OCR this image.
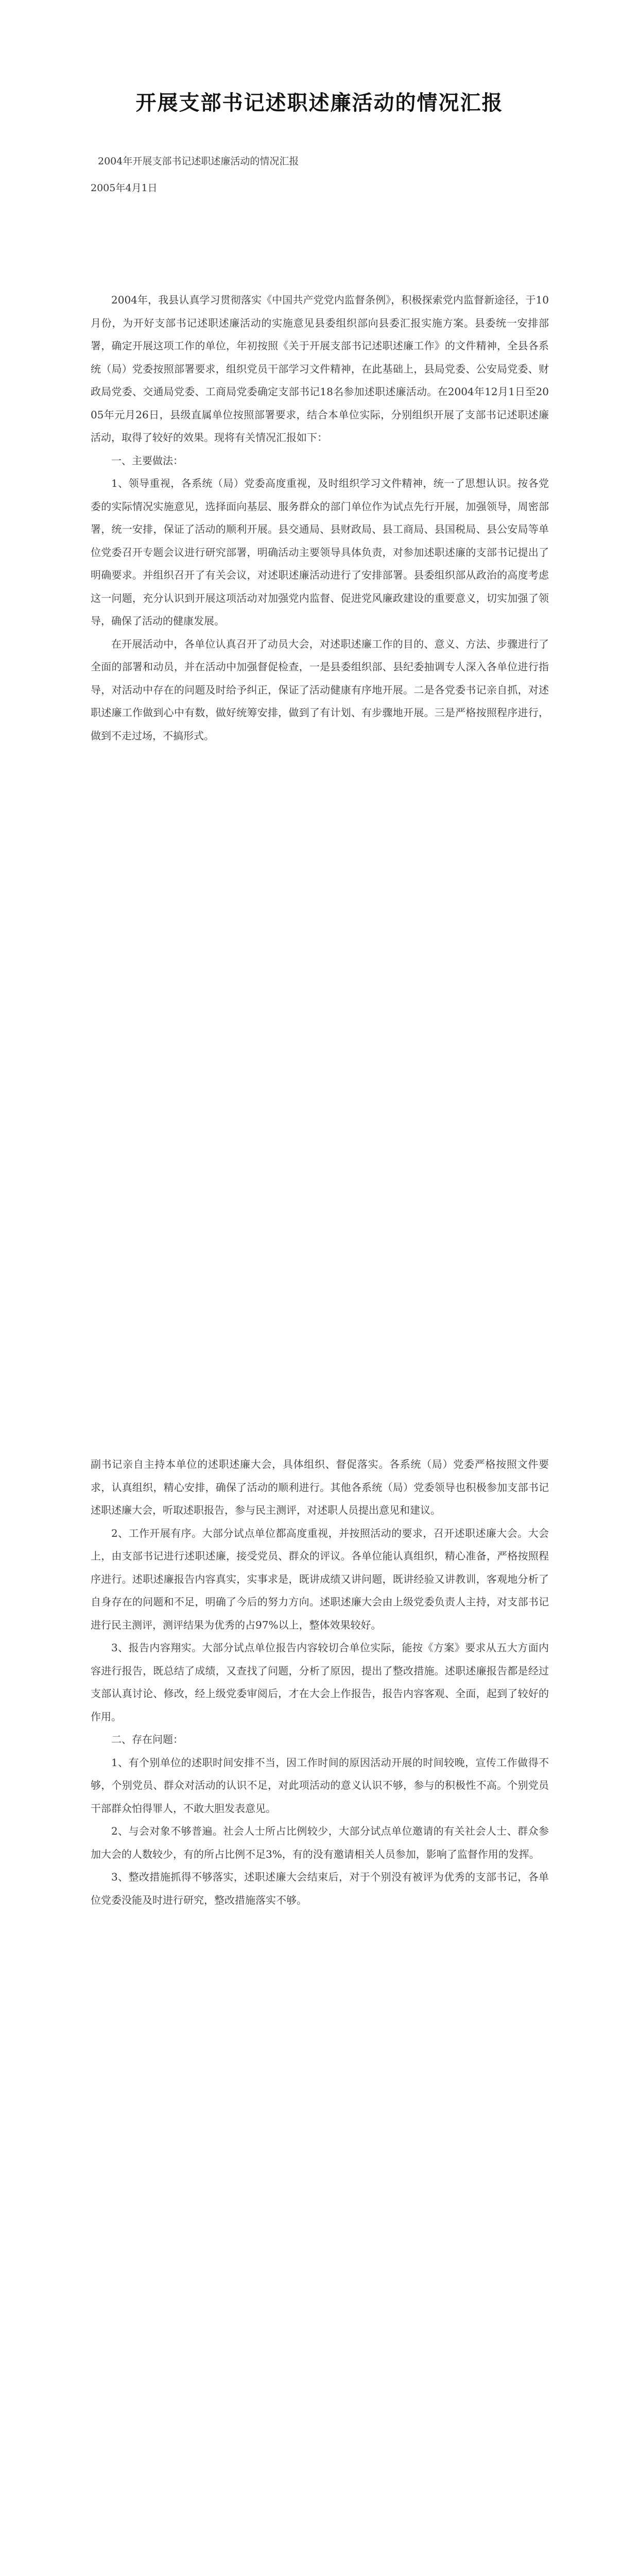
开展支部书记述职述廉活动的情况汇报
2004年开展支部书记述职述廉活动的情况汇报
2005年4月1日

2004年，我县认真学习贯彻落实《中国共产党党内监督条例》，积极探索党内监督新途径，于10月份，为开好支部书记述职述廉活动的实施意见县委组织部向县委汇报实施方案。县委统一安排部署，确定开展这项工作的单位，年初按照《关于开展支部书记述职述廉工作》的文件精神，全县各系统（局）党委按照部署要求，组织党员干部学习文件精神，在此基础上，县局党委、公安局党委、财政局党委、交通局党委、工商局党委确定支部书记18名参加述职述廉活动。在2004年12月1日至2005年元月26日，县级直属单位按照部署要求，结合本单位实际，分别组织开展了支部书记述职述廉活动，取得了较好的效果。现将有关情况汇报如下：

一、主要做法：

1、领导重视，各系统（局）党委高度重视，及时组织学习文件精神，统一了思想认识。按各党委的实际情况实施意见，选择面向基层、服务群众的部门单位作为试点先行开展，加强领导，周密部署，统一安排，保证了活动的顺利开展。县交通局、县财政局、县工商局、县国税局、县公安局等单位党委召开专题会议进行研究部署，明确活动主要领导具体负责，对参加述职述廉的支部书记提出了明确要求。并组织召开了有关会议，对述职述廉活动进行了安排部署。县委组织部从政治的高度考虑这一问题，充分认识到开展这项活动对加强党内监督、促进党风廉政建设的重要意义，切实加强了领导，确保了活动的健康发展。

在开展活动中，各单位认真召开了动员大会，对述职述廉工作的目的、意义、方法、步骤进行了全面的部署和动员，并在活动中加强督促检查，一是县委组织部、县纪委抽调专人深入各单位进行指导，对活动中存在的问题及时给予纠正，保证了活动健康有序地开展。二是各党委书记亲自抓，对述职述廉工作做到心中有数，做好统筹安排，做到了有计划、有步骤地开展。三是严格按照程序进行，做到不走过场，不搞形式。

副书记亲自主持本单位的述职述廉大会，具体组织、督促落实。各系统（局）党委严格按照文件要求，认真组织，精心安排，确保了活动的顺利进行。其他各系统（局）党委领导也积极参加支部书记述职述廉大会，听取述职报告，参与民主测评，对述职人员提出意见和建议。

2、工作开展有序。大部分试点单位都高度重视，并按照活动的要求，召开述职述廉大会。大会上，由支部书记进行述职述廉，接受党员、群众的评议。各单位能认真组织，精心准备，严格按照程序进行。述职述廉报告内容真实，实事求是，既讲成绩又讲问题，既讲经验又讲教训，客观地分析了自身存在的问题和不足，明确了今后的努力方向。述职述廉大会由上级党委负责人主持，对支部书记进行民主测评，测评结果为优秀的占97%以上，整体效果较好。

3、报告内容翔实。大部分试点单位报告内容较切合单位实际，能按《方案》要求从五大方面内容进行报告，既总结了成绩，又查找了问题，分析了原因，提出了整改措施。述职述廉报告都是经过支部认真讨论、修改，经上级党委审阅后，才在大会上作报告，报告内容客观、全面，起到了较好的作用。

二、存在问题：

1、有个别单位的述职时间安排不当，因工作时间的原因活动开展的时间较晚，宣传工作做得不够，个别党员、群众对活动的认识不足，对此项活动的意义认识不够，参与的积极性不高。个别党员干部群众怕得罪人，不敢大胆发表意见。

2、与会对象不够普遍。社会人士所占比例较少，大部分试点单位邀请的有关社会人士、群众参加大会的人数较少，有的所占比例不足3%，有的没有邀请相关人员参加，影响了监督作用的发挥。

3、整改措施抓得不够落实，述职述廉大会结束后，对于个别没有被评为优秀的支部书记，各单位党委没能及时进行研究，整改措施落实不够。
